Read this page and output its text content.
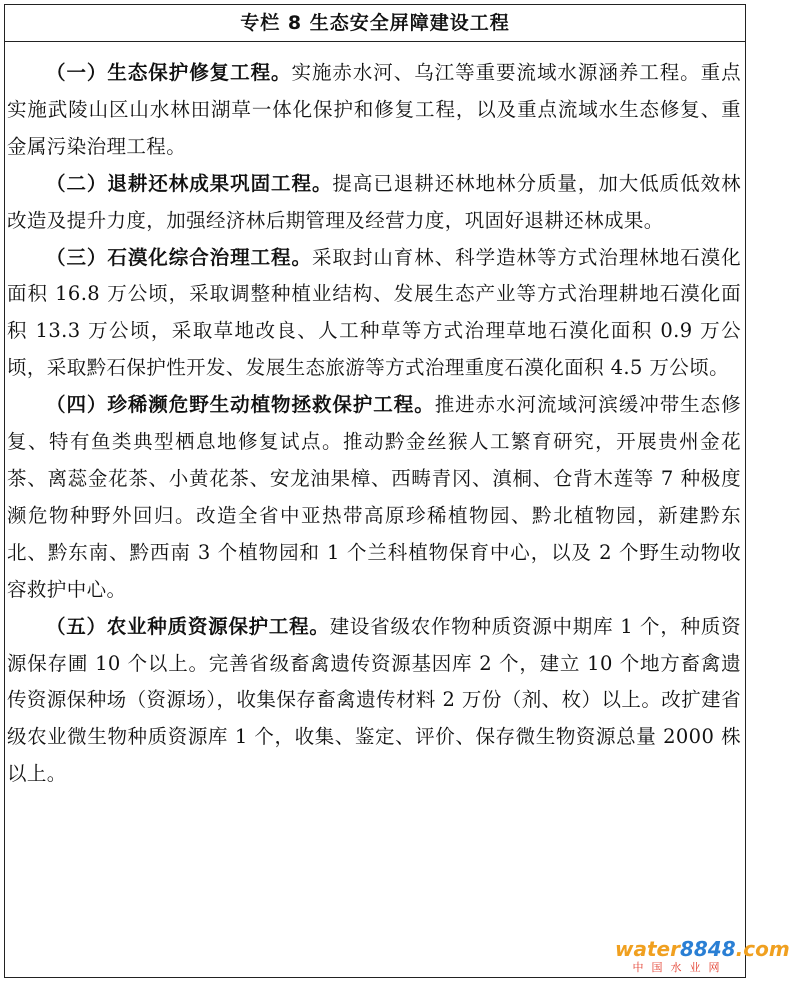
专栏 8 生态安全屏障建设工程

（一）生态保护修复工程。实施赤水河、乌江等重要流域水源涵养工程。重点实施武陵山区山水林田湖草一体化保护和修复工程，以及重点流域水生态修复、重金属污染治理工程。

（二）退耕还林成果巩固工程。提高已退耕还林地林分质量，加大低质低效林改造及提升力度，加强经济林后期管理及经营力度，巩固好退耕还林成果。

（三）石漠化综合治理工程。采取封山育林、科学造林等方式治理林地石漠化面积 16.8 万公顷，采取调整种植业结构、发展生态产业等方式治理耕地石漠化面积 13.3 万公顷，采取草地改良、人工种草等方式治理草地石漠化面积 0.9 万公顷，采取黔石保护性开发、发展生态旅游等方式治理重度石漠化面积 4.5 万公顷。

（四）珍稀濒危野生动植物拯救保护工程。推进赤水河流域河滨缓冲带生态修复、特有鱼类典型栖息地修复试点。推动黔金丝猴人工繁育研究，开展贵州金花茶、离蕊金花茶、小黄花茶、安龙油果樟、西畴青冈、滇桐、仓背木莲等 7 种极度濒危物种野外回归。改造全省中亚热带高原珍稀植物园、黔北植物园，新建黔东北、黔东南、黔西南 3 个植物园和 1 个兰科植物保育中心，以及 2 个野生动物收容救护中心。

（五）农业种质资源保护工程。建设省级农作物种质资源中期库 1 个，种质资源保存圃 10 个以上。完善省级畜禽遗传资源基因库 2 个，建立 10 个地方畜禽遗传资源保种场（资源场），收集保存畜禽遗传材料 2 万份（剂、枚）以上。改扩建省级农业微生物种质资源库 1 个，收集、鉴定、评价、保存微生物资源总量 2000 株以上。

water8848.com
中国水业网
